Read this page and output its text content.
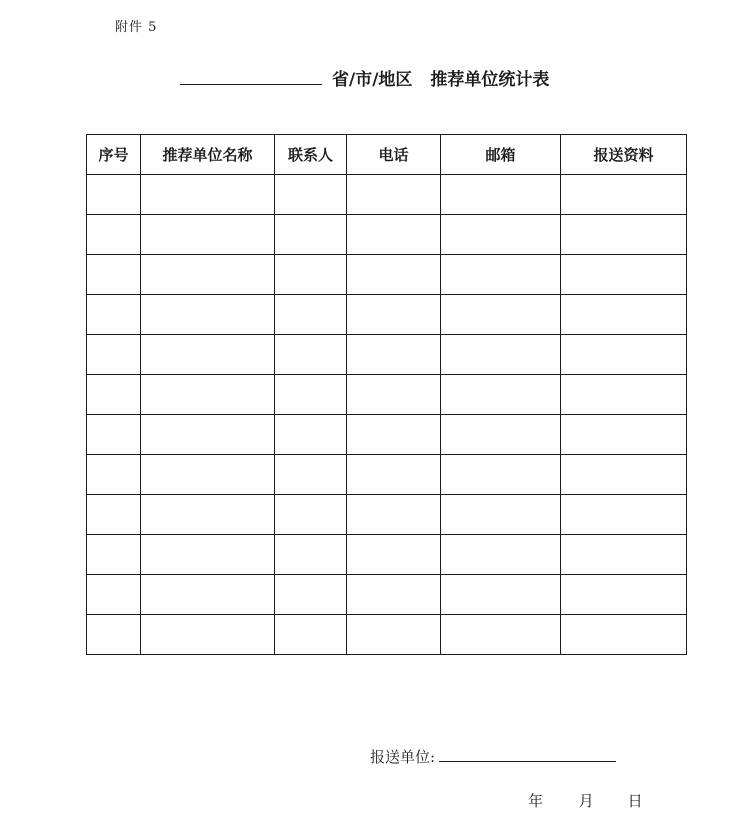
附件 5
省/市/地区 推荐单位统计表
序号	推荐单位名称	联系人	电话	邮箱	报送资料

报送单位:
年 月 日
